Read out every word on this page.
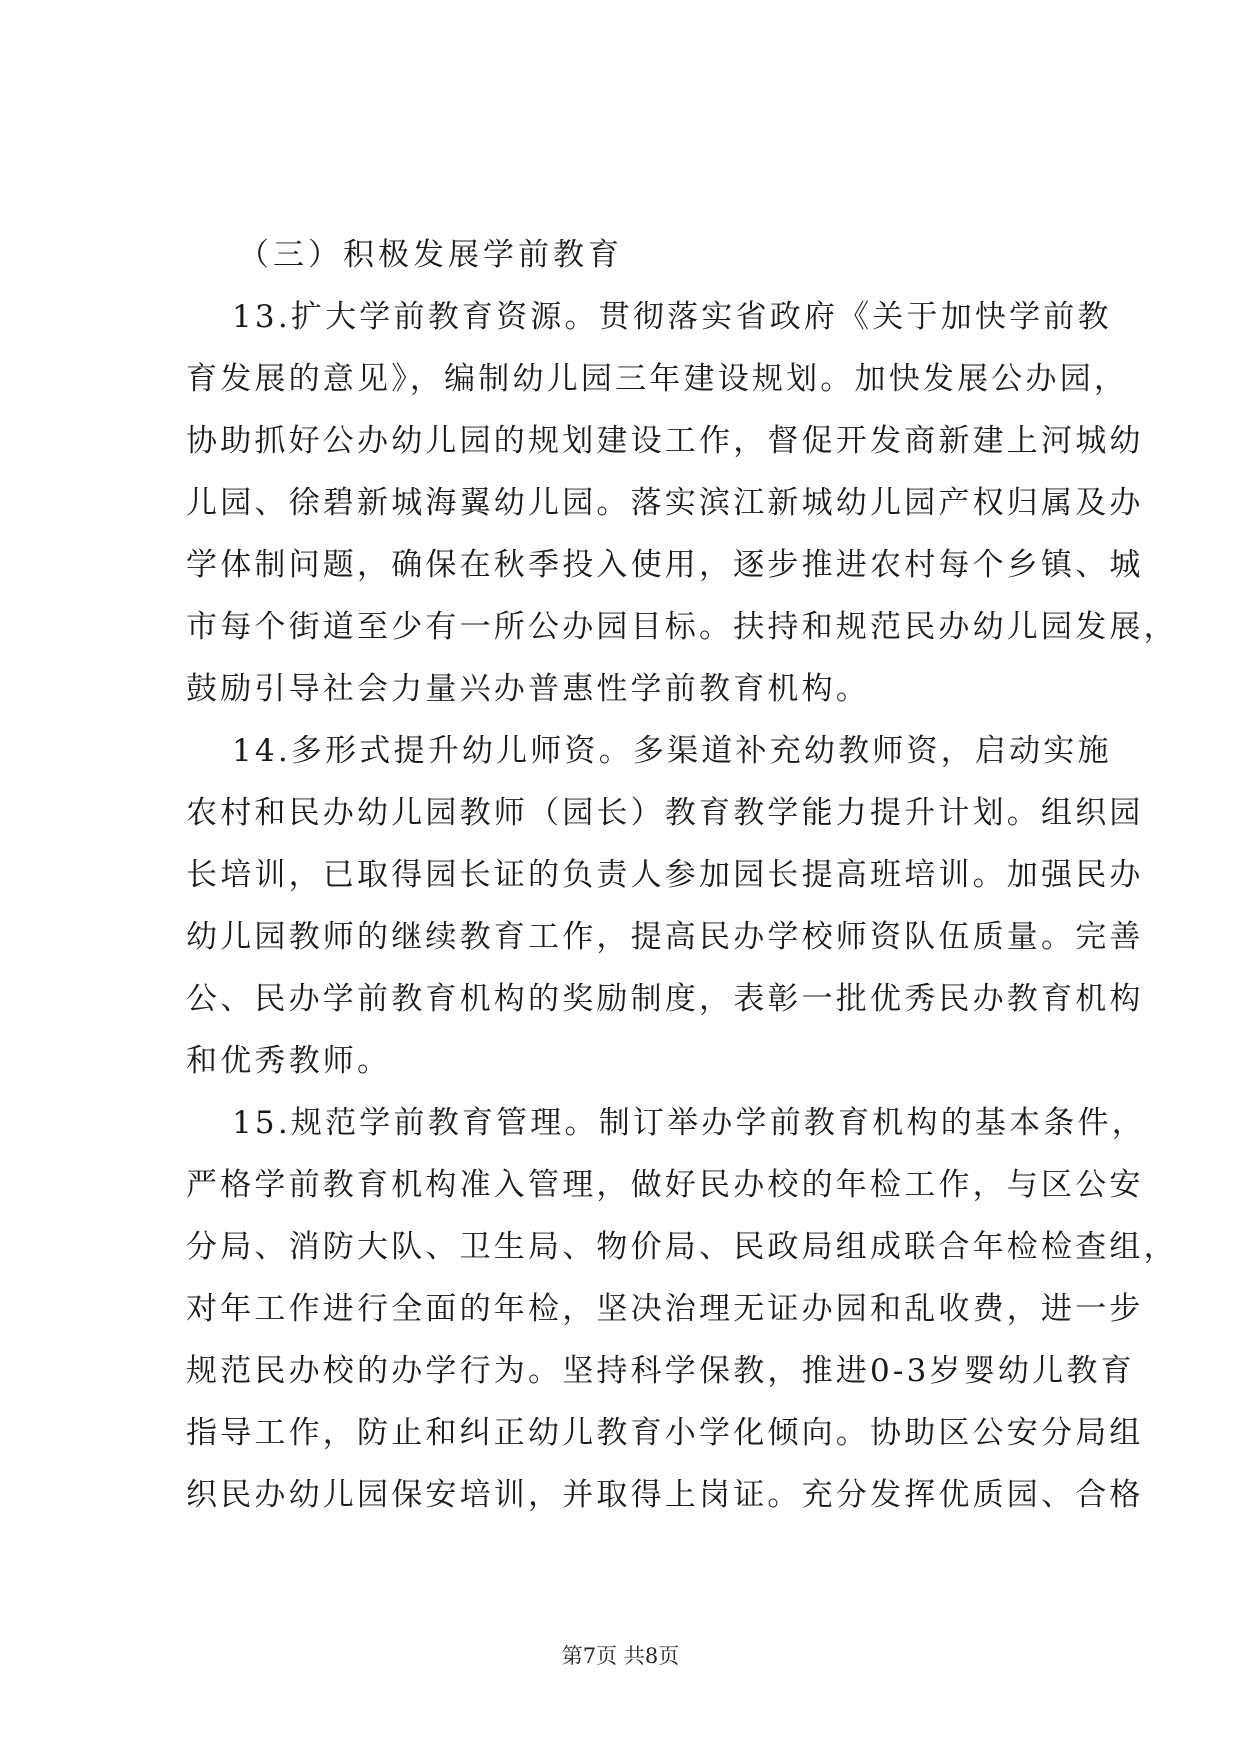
（三）积极发展学前教育

13.扩大学前教育资源。贯彻落实省政府《关于加快学前教

育发展的意见》，编制幼儿园三年建设规划。加快发展公办园，

协助抓好公办幼儿园的规划建设工作，督促开发商新建上河城幼

儿园、徐碧新城海翼幼儿园。落实滨江新城幼儿园产权归属及办

学体制问题，确保在秋季投入使用，逐步推进农村每个乡镇、城

市每个街道至少有一所公办园目标。扶持和规范民办幼儿园发展，

鼓励引导社会力量兴办普惠性学前教育机构。

14.多形式提升幼儿师资。多渠道补充幼教师资，启动实施

农村和民办幼儿园教师（园长）教育教学能力提升计划。组织园

长培训，已取得园长证的负责人参加园长提高班培训。加强民办

幼儿园教师的继续教育工作，提高民办学校师资队伍质量。完善

公、民办学前教育机构的奖励制度，表彰一批优秀民办教育机构

和优秀教师。

15.规范学前教育管理。制订举办学前教育机构的基本条件，

严格学前教育机构准入管理，做好民办校的年检工作，与区公安

分局、消防大队、卫生局、物价局、民政局组成联合年检检查组，

对年工作进行全面的年检，坚决治理无证办园和乱收费，进一步

规范民办校的办学行为。坚持科学保教，推进0-3岁婴幼儿教育

指导工作，防止和纠正幼儿教育小学化倾向。协助区公安分局组

织民办幼儿园保安培训，并取得上岗证。充分发挥优质园、合格

第7页 共8页
